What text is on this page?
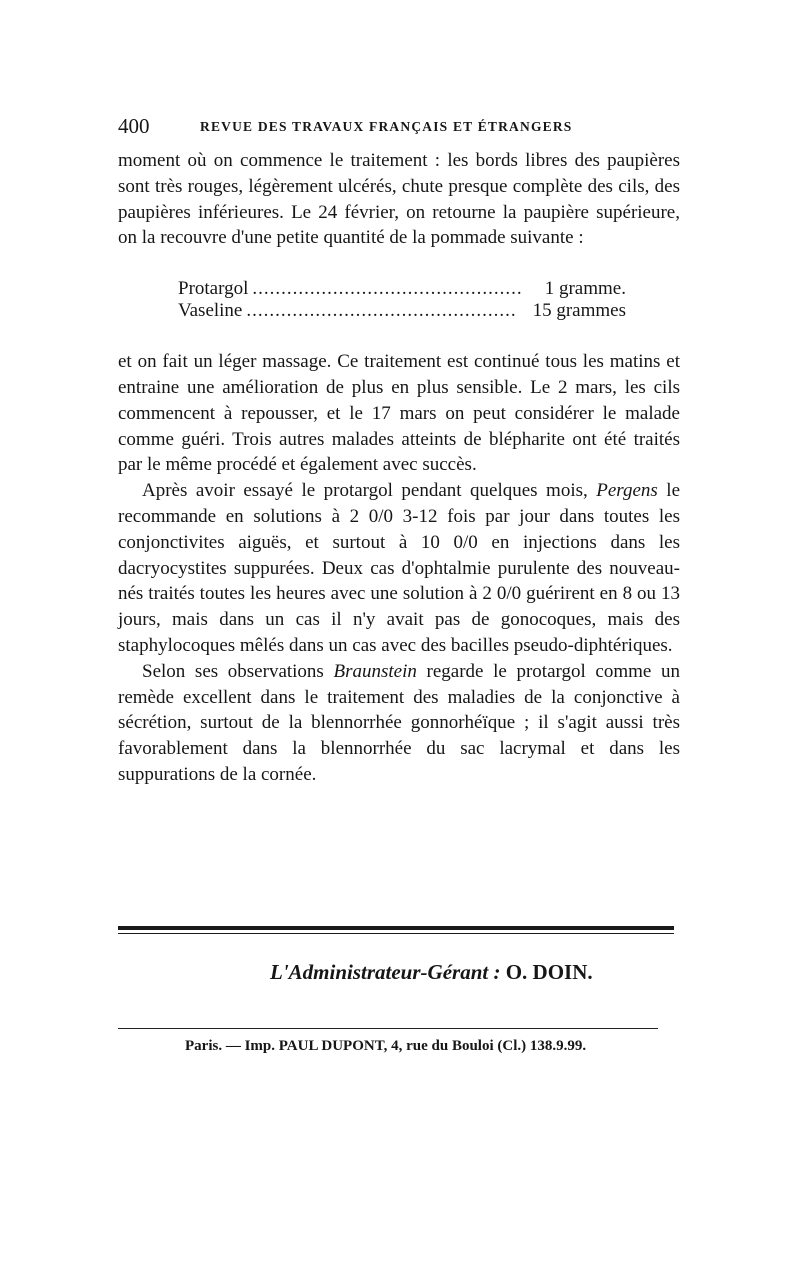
400	REVUE DES TRAVAUX FRANÇAIS ET ÉTRANGERS

moment où on commence le traitement : les bords libres des paupières sont très rouges, légèrement ulcérés, chute presque complète des cils, des paupières inférieures. Le 24 février, on retourne la paupière supérieure, on la recouvre d'une petite quantité de la pommade suivante :

Protargol ...............................................	1 gramme.
Vaseline ............................................... 15 grammes

et on fait un léger massage. Ce traitement est continué tous les matins et entraine une amélioration de plus en plus sensible. Le 2 mars, les cils commencent à repousser, et le 17 mars on peut considérer le malade comme guéri. Trois autres malades atteints de blépharite ont été traités par le même procédé et également avec succès.

Après avoir essayé le protargol pendant quelques mois, Pergens le recommande en solutions à 2 0/0 3-12 fois par jour dans toutes les conjonctivites aiguës, et surtout à 10 0/0 en injections dans les dacryocystites suppurées. Deux cas d'ophtalmie purulente des nouveau-nés traités toutes les heures avec une solution à 2 0/0 guérirent en 8 ou 13 jours, mais dans un cas il n'y avait pas de gonocoques, mais des staphylocoques mêlés dans un cas avec des bacilles pseudo-diphtériques.

Selon ses observations Braunstein regarde le protargol comme un remède excellent dans le traitement des maladies de la conjonctive à sécrétion, surtout de la blennorrhée gonnorhéïque ; il s'agit aussi très favorablement dans la blennorrhée du sac lacrymal et dans les suppurations de la cornée.

L'Administrateur-Gérant : O. DOIN.
Paris. — Imp. PAUL DUPONT, 4, rue du Bouloi (Cl.) 138.9.99.
